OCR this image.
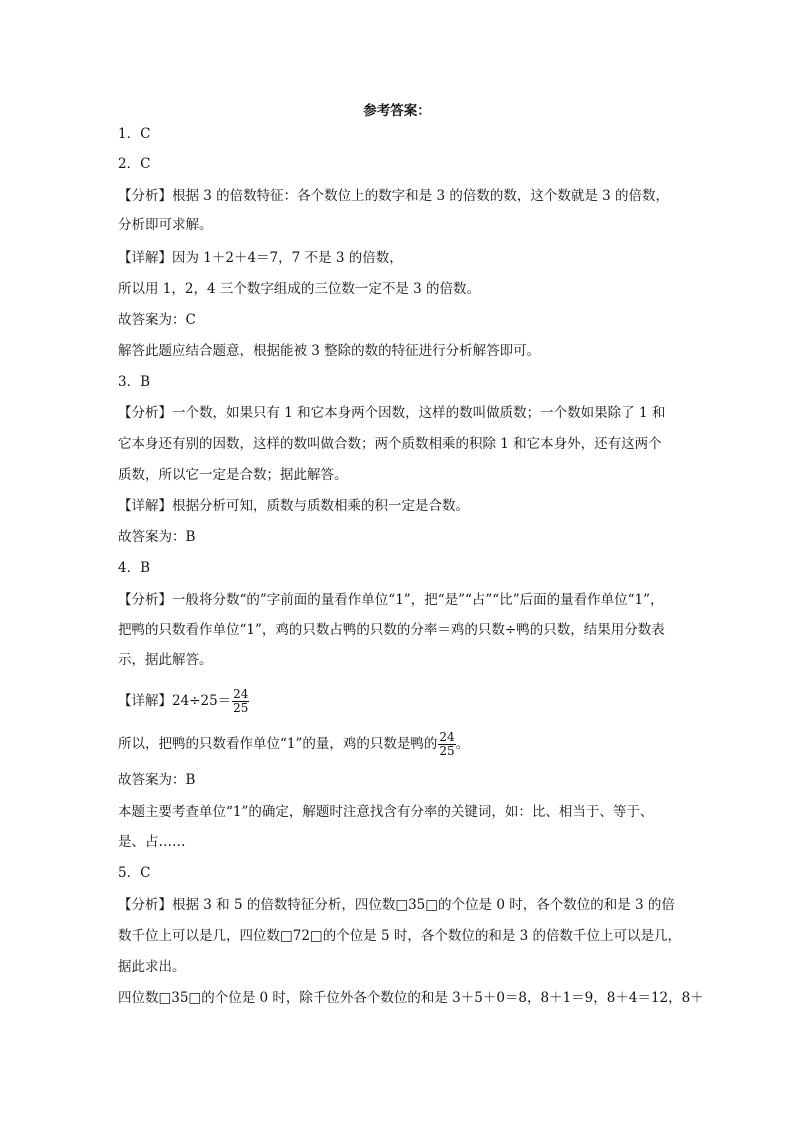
参考答案：
1．C
2．C
【分析】根据 3 的倍数特征：各个数位上的数字和是 3 的倍数的数，这个数就是 3 的倍数，
分析即可求解。
【详解】因为 1＋2＋4＝7，7 不是 3 的倍数，
所以用 1，2，4 三个数字组成的三位数一定不是 3 的倍数。
故答案为：C
解答此题应结合题意，根据能被 3 整除的数的特征进行分析解答即可。
3．B
【分析】一个数，如果只有 1 和它本身两个因数，这样的数叫做质数；一个数如果除了 1 和
它本身还有别的因数，这样的数叫做合数；两个质数相乘的积除 1 和它本身外，还有这两个
质数，所以它一定是合数；据此解答。
【详解】根据分析可知，质数与质数相乘的积一定是合数。
故答案为：B
4．B
【分析】一般将分数“的”字前面的量看作单位“1”，把“是”“占”“比”后面的量看作单位“1”，
把鸭的只数看作单位“1”，鸡的只数占鸭的只数的分率＝鸡的只数÷鸭的只数，结果用分数表
示，据此解答。
【详解】$24\div 25= \frac{24}{25}$
所以，把鸭的只数看作单位“1”的量，鸡的只数是鸭的 $\frac{24}{25}$ 。
故答案为：B
本题主要考查单位“1”的确定，解题时注意找含有分率的关键词，如：比、相当于、等于、
是、占……
5．C
【分析】根据 3 和 5 的倍数特征分析，四位数□35□的个位是 0 时，各个数位的和是 3 的倍
数千位上可以是几，四位数□72□的个位是 5 时，各个数位的和是 3 的倍数千位上可以是几，
据此求出。
四位数□35□的个位是 0 时，除千位外各个数位的和是 3＋5＋0＝8，8＋1＝9，8＋4＝12，8＋
